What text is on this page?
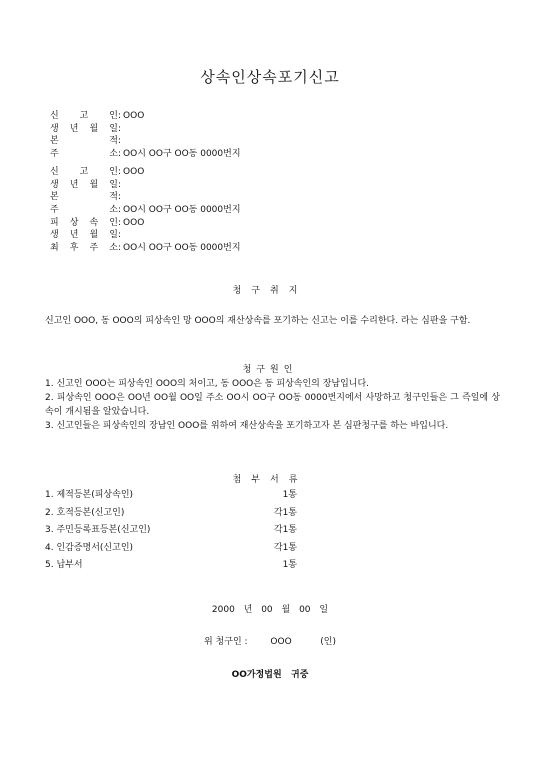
상속인상속포기신고
신 고 인 : OOO
생 년 월 일 :
본	적 :
주	소 : OO시 OO구 OO동 0000번지
신 고 인 : OOO
생 년 월 일 :
본	적 :
주	소 : OO시 OO구 OO동 0000번지
피 상 속 인 : OOO
생 년 월 일 :
최 후 주 소 : OO시 OO구 OO동 0000번지
청구취지
신고인 OOO, 동 OOO의 피상속인 망 OOO의 재산상속를 포기하는 신고는 이를 수리한다. 라는 심판을 구함.
청구원인
1. 신고인 OOO는 피상속인 OOO의 처이고, 동 OOO은 동 피상속인의 장남입니다.
2. 피상속인 OOO은 OO년 OO월 OO일 주소 OO시 OO구 OO동 0000번지에서 사망하고 청구인들은 그 즉일에 상속이 개시됨을 알았습니다.
3. 신고인들은 피상속인의 장남인 OOO를 위하여 재산상속을 포기하고자 본 심판청구를 하는 바입니다.
첨부서류
1. 제적등본(피상속인)	1통
2. 호적등본(신고인)	각1통
3. 주민등록표등본(신고인)	각1통
4. 인감증명서(신고인)	각1통
5. 납부서	1통
2000 년 00 월 00 일
위 청구인 :        OOO          (인)
OO가정법원   귀중
